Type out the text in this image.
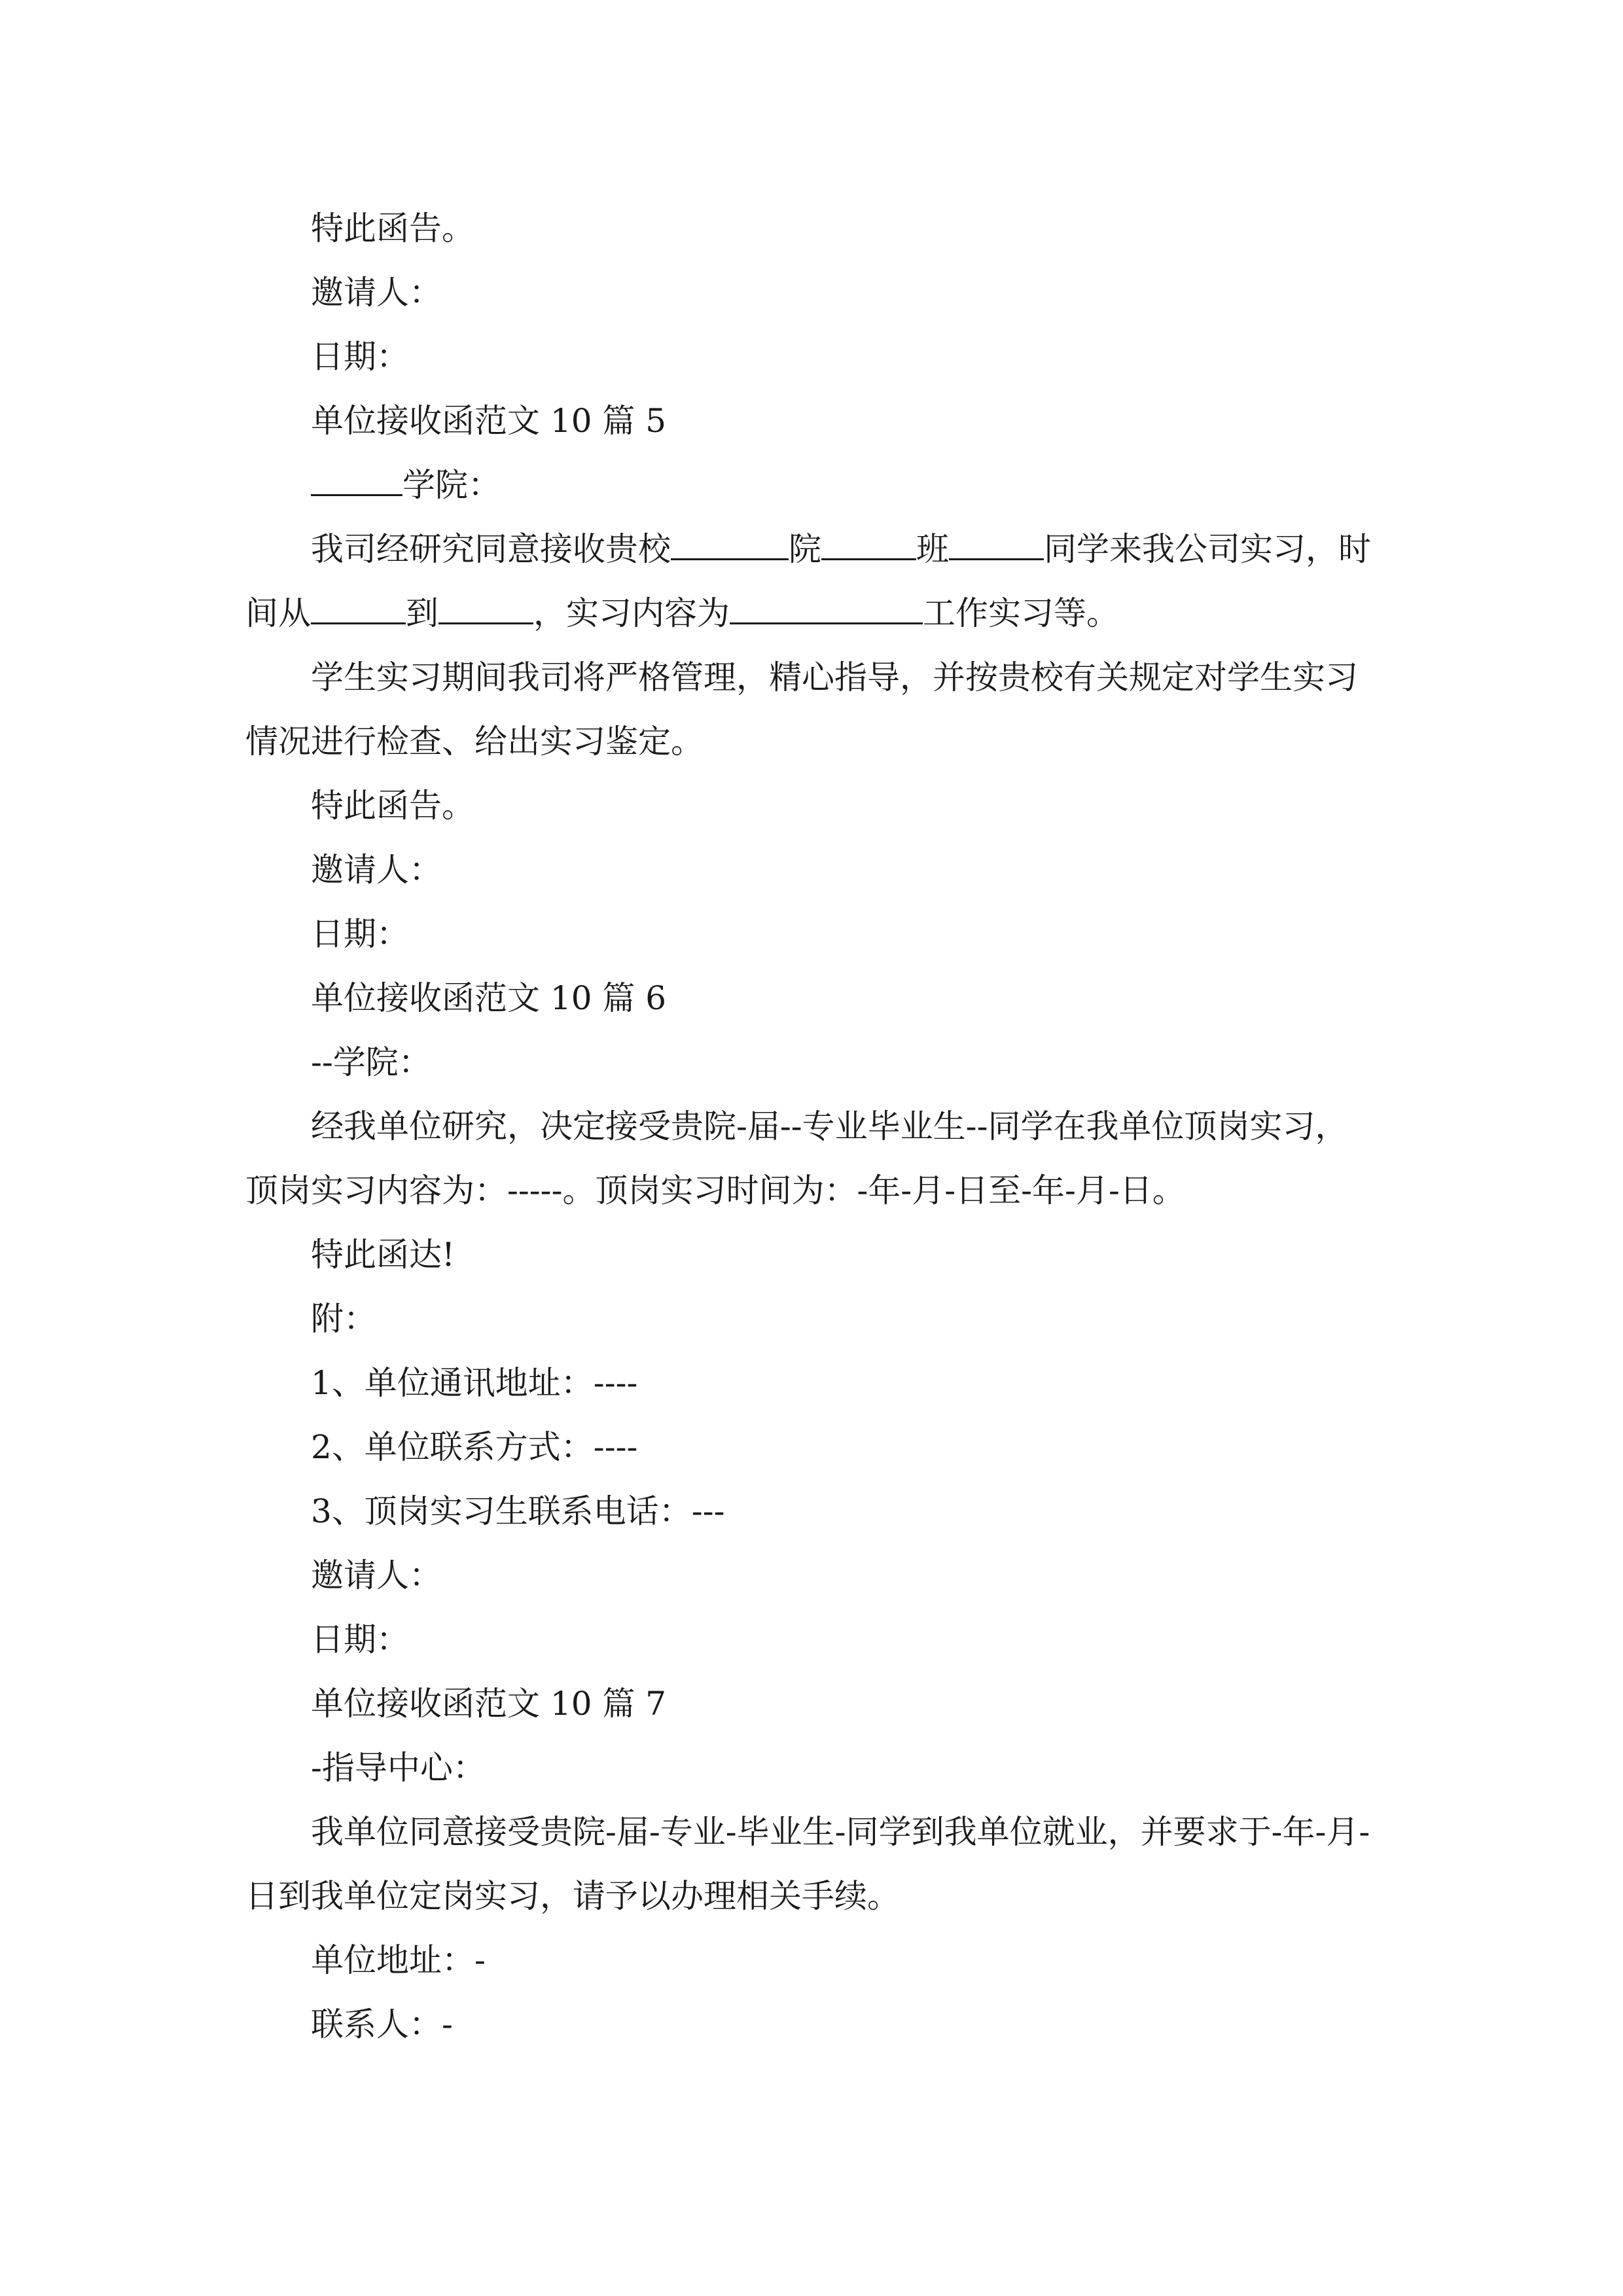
特此函告。

邀请人：

日期：

单位接收函范文 10 篇 5

学院：

我司经研究同意接收贵校	院	班	同学来我公司实习，时间从	到	，实习内容为	工作实习等。

学生实习期间我司将严格管理，精心指导，并按贵校有关规定对学生实习情况进行检查、给出实习鉴定。

特此函告。

邀请人：

日期：

单位接收函范文 10 篇 6

--学院：

经我单位研究，决定接受贵院-届--专业毕业生--同学在我单位顶岗实习，顶岗实习内容为：-----。顶岗实习时间为：-年-月-日至-年-月-日。

特此函达!

附：

1、单位通讯地址：----

2、单位联系方式：----

3、顶岗实习生联系电话：---

邀请人：

日期：

单位接收函范文 10 篇 7

-指导中心：

我单位同意接受贵院-届-专业-毕业生-同学到我单位就业，并要求于-年-月-日到我单位定岗实习，请予以办理相关手续。

单位地址：-

联系人：-
